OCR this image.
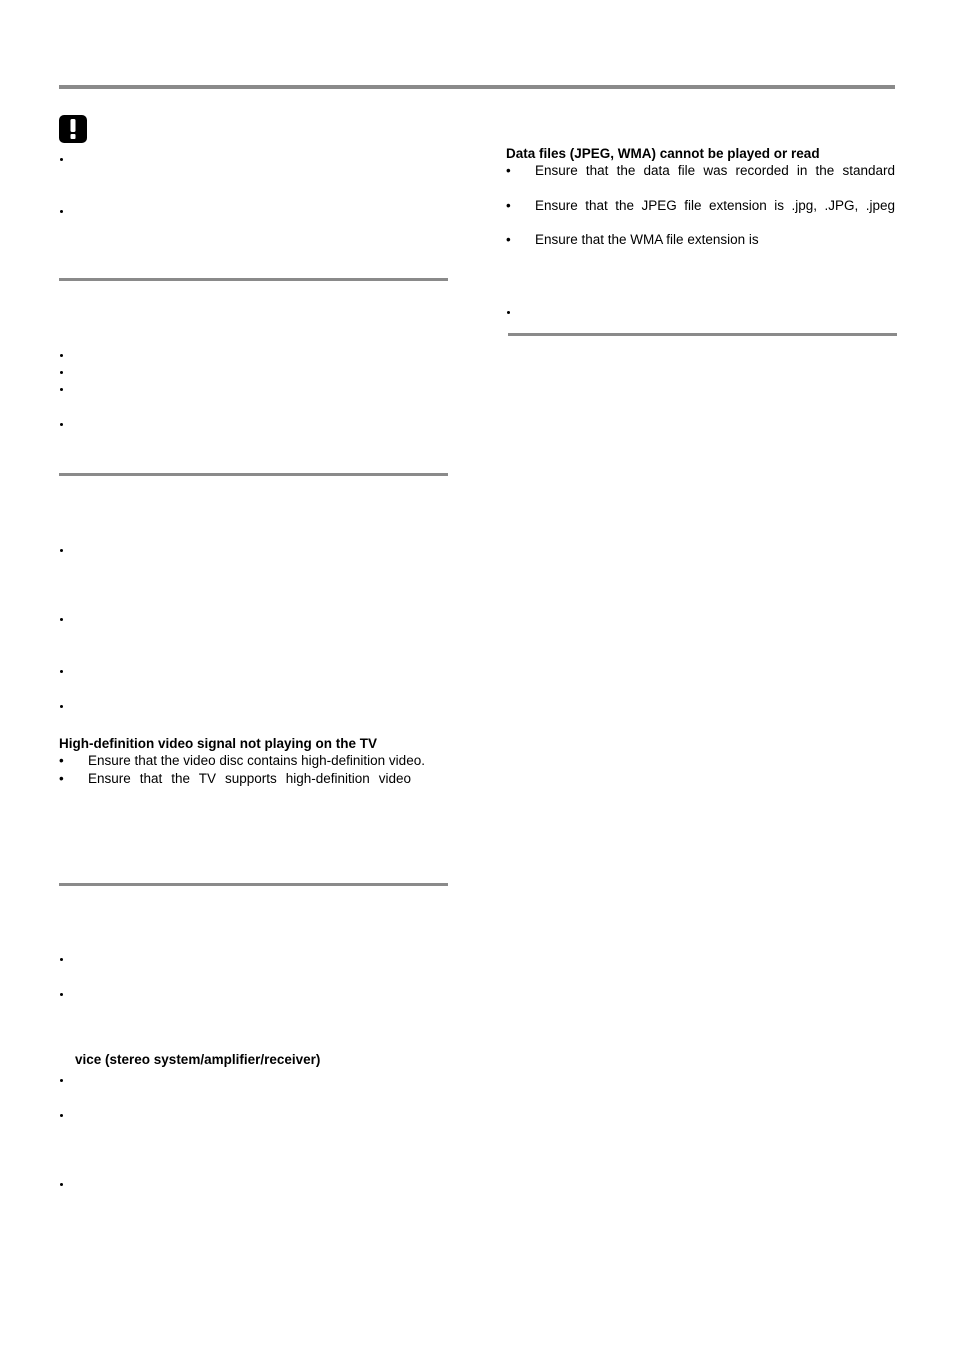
High-definition video signal not playing on the TV
• Ensure that the video disc contains high-definition video.
• Ensure that the TV supports high-definition video
vice (stereo system/amplifier/receiver)
Data files (JPEG, WMA) cannot be played or read
• Ensure that the data file was recorded in the standard
• Ensure that the JPEG file extension is .jpg, .JPG, .jpeg
• Ensure that the WMA file extension is
